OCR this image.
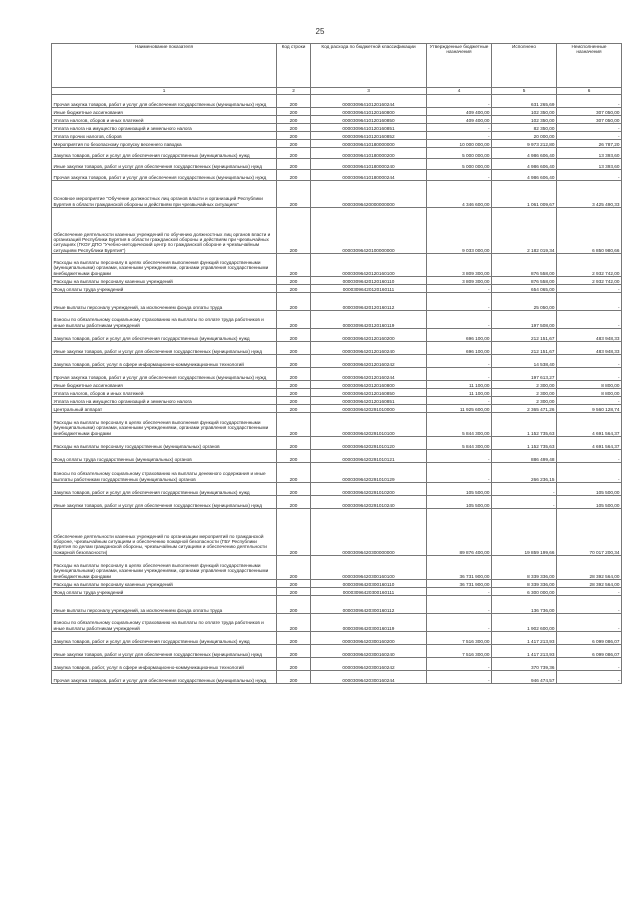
25
Наименование показателя	Код строки	Код расхода по бюджетной классификации	Утвержденные бюджетные назначения	Исполнено	Неисполненные назначения
1	2	3	4	5	6
Прочая закупка товаров, работ и услуг для обеспечения государственных (муниципальных) нужд	200	00003096410120160244	-	631 265,69	-
Иные бюджетные ассигнования	200	00003096410120160800	409 400,00	102 350,00	307 050,00
Уплата налогов, сборов и иных платежей	200	00003096410120160850	409 400,00	102 350,00	307 050,00
Уплата налога на имущество организаций и земельного налога	200	00003096410120160851	-	82 350,00	-
Уплата прочих налогов, сборов	200	00003096410120160852	-	20 000,00	-
Мероприятия по безопасному пропуску весеннего паводка	200	00003096410180000000	10 000 000,00	9 973 212,80	26 787,20
Закупка товаров, работ и услуг для обеспечения государственных (муниципальных) нужд	200	00003096410180000200	5 000 000,00	4 986 606,40	13 393,60
Иные закупки товаров, работ и услуг для обеспечения государственных (муниципальных) нужд	200	00003096410180000240	5 000 000,00	4 986 606,40	13 393,60
Прочая закупка товаров, работ и услуг для обеспечения государственных (муниципальных) нужд	200	00003096410180000244	-	4 986 606,40	-
Основное мероприятие "Обучение должностных лиц органов власти и организаций Республики Бурятия в области гражданской обороны и действиям при чрезвычайных ситуациях"	200	00003096420000000000	4 346 600,00	1 061 009,67	3 425 490,33
Обеспечение деятельности казенных учреждений по обучению должностных лиц органов власти и организаций Республики Бурятия в области гражданской обороны и действиям при чрезвычайных ситуациях (ГКОУ ДПО "Учебно-методический центр по гражданской обороне и чрезвычайным ситуациям Республики Бурятия")	200	00003096420100000000	9 033 000,00	2 182 019,34	6 850 980,66
Расходы на выплаты персоналу в целях обеспечения выполнения функций государственными (муниципальными) органами, казенными учреждениями, органами управления государственными внебюджетными фондами	200	00003096420120160100	3 809 300,00	876 558,00	2 932 742,00
Расходы на выплаты персоналу казенных учреждений	200	00003096420120160110	3 809 300,00	876 558,00	2 932 742,00
Фонд оплаты труда учреждений	200	00003096420120160111	-	654 065,00	-
Иные выплаты персоналу учреждений, за исключением фонда оплаты труда	200	00003096420120160112	-	25 050,00	-
Взносы по обязательному социальному страхованию на выплаты по оплате труда работников и иные выплаты работникам учреждений	200	00003096420120160119	-	197 508,00	-
Закупка товаров, работ и услуг для обеспечения государственных (муниципальных) нужд	200	00003096420120160200	696 100,00	212 151,67	483 948,33
Иные закупки товаров, работ и услуг для обеспечения государственных (муниципальных) нужд	200	00003096420120160240	696 100,00	212 151,67	483 948,33
Закупка товаров, работ, услуг в сфере информационно-коммуникационных технологий	200	00003096420120160242	-	14 538,40	-
Прочая закупка товаров, работ и услуг для обеспечения государственных (муниципальных) нужд	200	00003096420120160244	-	197 613,27	-
Иные бюджетные ассигнования	200	00003096420120160800	11 100,00	2 300,00	8 800,00
Уплата налогов, сборов и иных платежей	200	00003096420120160850	11 100,00	2 300,00	8 800,00
Уплата налога на имущество организаций и земельного налога	200	00003096420120160851	-	2 300,00	-
Центральный аппарат	200	00003096420291010000	11 925 600,00	2 365 471,26	9 560 128,74
Расходы на выплаты персоналу в целях обеспечения выполнения функций государственными (муниципальными) органами, казенными учреждениями, органами управления государственными внебюджетными фондами	200	00003096420291010100	5 844 300,00	1 152 735,63	4 691 564,37
Расходы на выплаты персоналу государственных (муниципальных) органов	200	00003096420291010120	5 844 300,00	1 152 735,63	4 691 564,37
Фонд оплаты труда государственных (муниципальных) органов	200	00003096420291010121	-	886 499,48	-
Взносы по обязательному социальному страхованию на выплаты денежного содержания и иные выплаты работникам государственных (муниципальных) органов	200	00003096420291010129	-	266 236,15	-
Закупка товаров, работ и услуг для обеспечения государственных (муниципальных) нужд	200	00003096420291010200	105 500,00	-	105 500,00
Иные закупки товаров, работ и услуг для обеспечения государственных (муниципальных) нужд	200	00003096420291010240	105 500,00	-	105 500,00
Обеспечение деятельности казенных учреждений по организации мероприятий по гражданской обороне, чрезвычайным ситуациям и обеспечению пожарной безопасности (ГБУ Республики Бурятия по делам гражданской обороны, чрезвычайным ситуациям и обеспечению деятельности пожарной безопасности)	200	00003096420300000000	89 876 400,00	19 859 199,66	70 017 200,34
Расходы на выплаты персоналу в целях обеспечения выполнения функций государственными (муниципальными) органами, казенными учреждениями, органами управления государственными внебюджетными фондами	200	00003096420300160100	36 731 900,00	8 339 336,00	28 392 564,00
Расходы на выплаты персоналу казенных учреждений	200	00003096420300160110	36 731 900,00	8 339 336,00	28 392 564,00
Фонд оплаты труда учреждений	200	00003096420300160111	-	6 300 000,00	-
Иные выплаты персоналу учреждений, за исключением фонда оплаты труда	200	00003096420300160112	-	136 736,00	-
Взносы по обязательному социальному страхованию на выплаты по оплате труда работников и иные выплаты работникам учреждений	200	00003096420300160119	-	1 902 600,00	-
Закупка товаров, работ и услуг для обеспечения государственных (муниципальных) нужд	200	00003096420300160200	7 516 300,00	1 417 213,93	6 099 086,07
Иные закупки товаров, работ и услуг для обеспечения государственных (муниципальных) нужд	200	00003096420300160240	7 516 300,00	1 417 213,93	6 099 086,07
Закупка товаров, работ, услуг в сфере информационно-коммуникационных технологий	200	00003096420300160242	-	370 739,36	-
Прочая закупка товаров, работ и услуг для обеспечения государственных (муниципальных) нужд	200	00003096420300160244	-	946 474,57	-
